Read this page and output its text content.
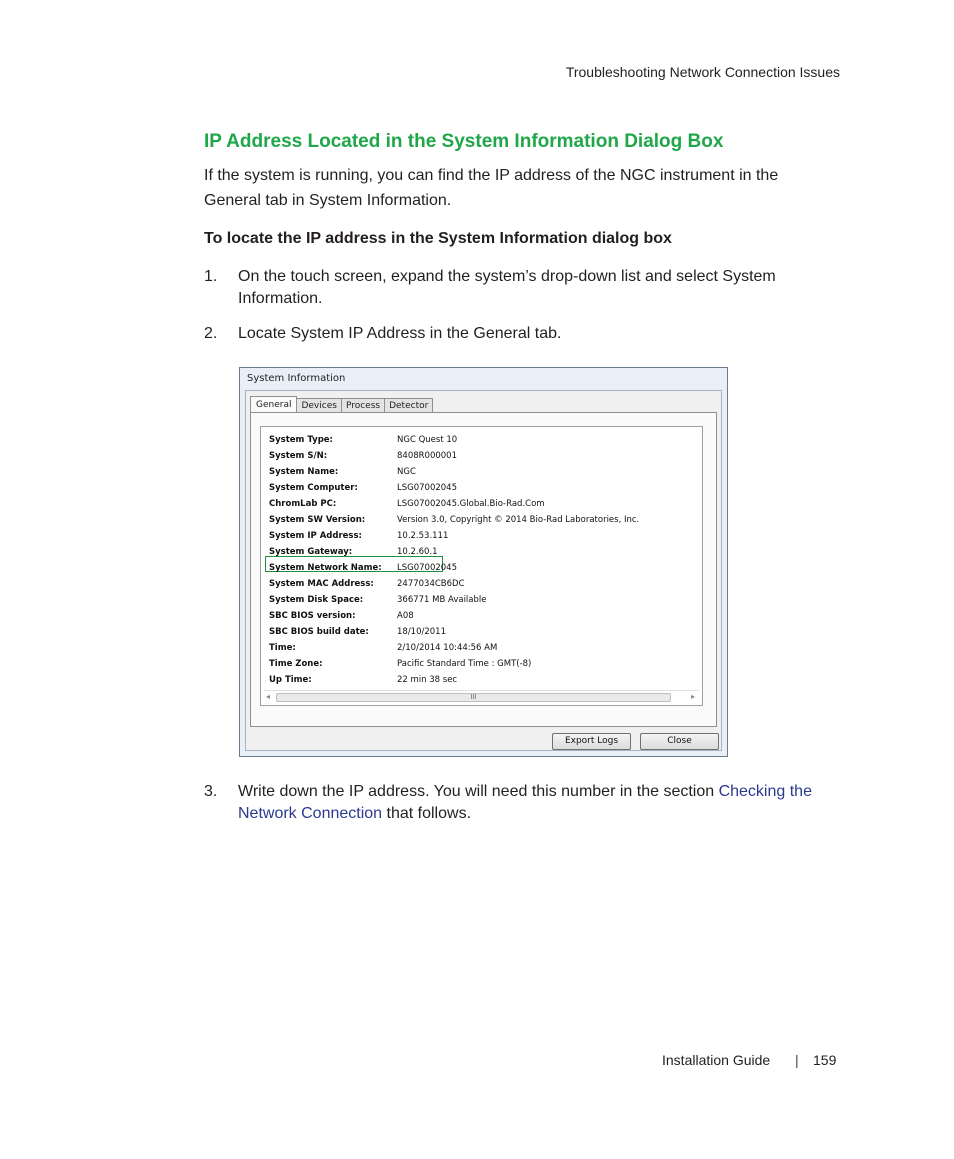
Troubleshooting Network Connection Issues
IP Address Located in the System Information Dialog Box

If the system is running, you can find the IP address of the NGC instrument in the General tab in System Information.

To locate the IP address in the System Information dialog box
1. On the touch screen, expand the system’s drop-down list and select System Information.
2. Locate System IP Address in the General tab.
System Information
General Devices Process Detector
System Type:	NGC Quest 10
System S/N:	8408R000001
System Name:	NGC
System Computer:	LSG07002045
ChromLab PC:	LSG07002045.Global.Bio-Rad.Com
System SW Version:	Version 3.0, Copyright © 2014 Bio-Rad Laboratories, Inc.
System IP Address:	10.2.53.111
System Gateway:	10.2.60.1
System Network Name: LSG07002045
System MAC Address:	2477034CB6DC
System Disk Space:	366771 MB Available
SBC BIOS version:	A08
SBC BIOS build date:	18/10/2011
Time:	2/10/2014 10:44:56 AM
Time Zone:	Pacific Standard Time : GMT(-8)
Up Time:	22 min 38 sec
◂	III	▸
Export Logs	Close
3. Write down the IP address. You will need this number in the section Checking the Network Connection that follows.
Installation Guide | 159
